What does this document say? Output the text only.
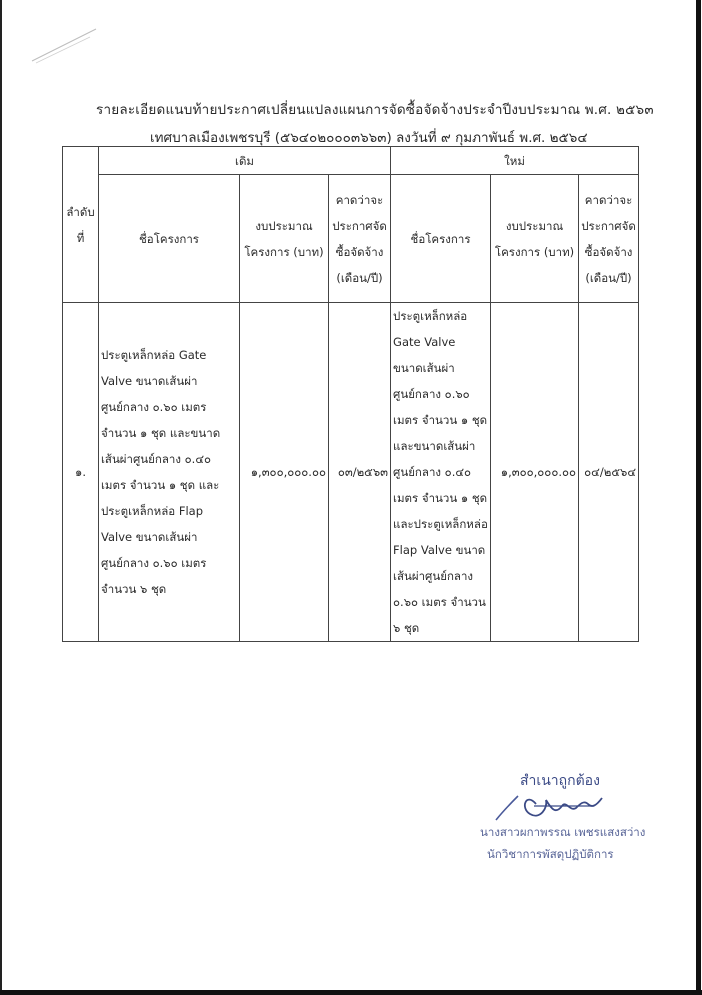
รายละเอียดแนบท้ายประกาศเปลี่ยนแปลงแผนการจัดซื้อจัดจ้างประจำปีงบประมาณ พ.ศ. ๒๕๖๓
เทศบาลเมืองเพชรบุรี (๕๖๔๐๒๐๐๐๓๖๖๓) ลงวันที่ ๙ กุมภาพันธ์ พ.ศ. ๒๕๖๔
ลำดับที่	เดิม			ใหม่		
	ชื่อโครงการ	งบประมาณโครงการ (บาท)	คาดว่าจะประกาศจัดซื้อจัดจ้าง (เดือน/ปี)	ชื่อโครงการ	งบประมาณโครงการ (บาท)	คาดว่าจะประกาศจัดซื้อจัดจ้าง (เดือน/ปี)
๑.	ประตูเหล็กหล่อ Gate Valve ขนาดเส้นผ่าศูนย์กลาง ๐.๖๐ เมตร จำนวน ๑ ชุด และขนาดเส้นผ่าศูนย์กลาง ๐.๔๐ เมตร จำนวน ๑ ชุด และประตูเหล็กหล่อ Flap Valve ขนาดเส้นผ่าศูนย์กลาง ๐.๖๐ เมตร จำนวน ๖ ชุด	๑,๓๐๐,๐๐๐.๐๐	๐๓/๒๕๖๓	ประตูเหล็กหล่อ Gate Valve ขนาดเส้นผ่าศูนย์กลาง ๐.๖๐ เมตร จำนวน ๑ ชุด และขนาดเส้นผ่าศูนย์กลาง ๐.๔๐ เมตร จำนวน ๑ ชุด และประตูเหล็กหล่อ Flap Valve ขนาดเส้นผ่าศูนย์กลาง ๐.๖๐ เมตร จำนวน ๖ ชุด	๑,๓๐๐,๐๐๐.๐๐	๐๔/๒๕๖๔
สำเนาถูกต้อง
นางสาวผกาพรรณ เพชรแสงสว่าง
นักวิชาการพัสดุปฏิบัติการ
